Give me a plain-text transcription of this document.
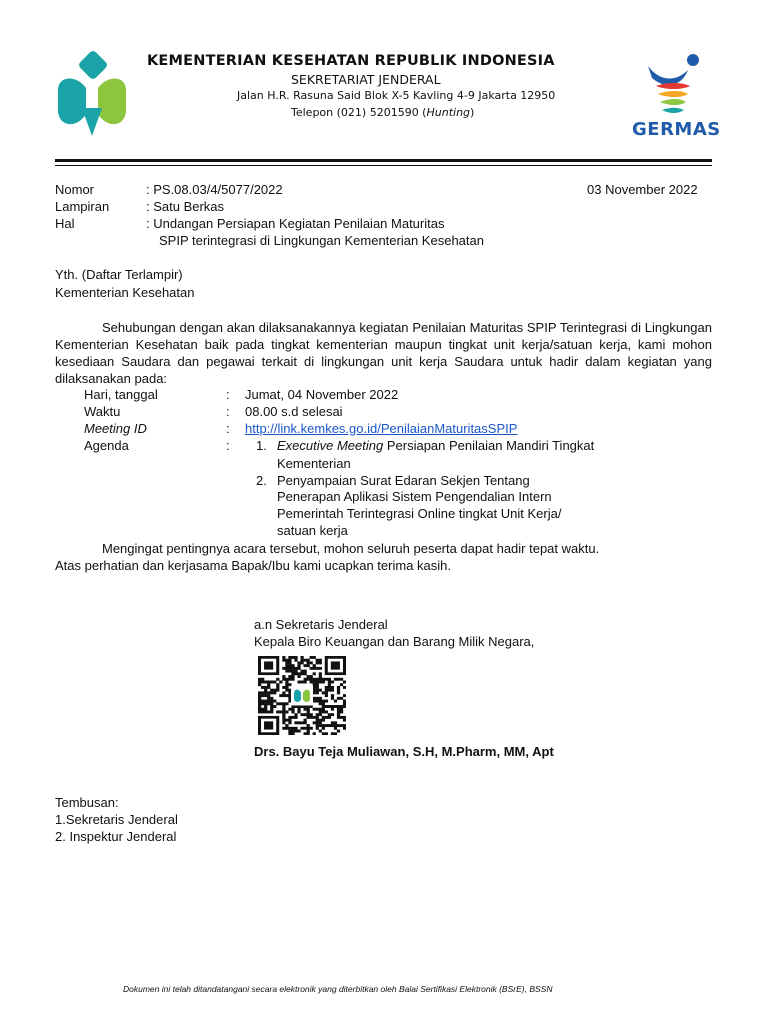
KEMENTERIAN KESEHATAN REPUBLIK INDONESIA
SEKRETARIAT JENDERAL
Jalan H.R. Rasuna Said Blok X-5 Kavling 4-9 Jakarta 12950
Telepon (021) 5201590 (Hunting)
GERMAS
Nomor	: PS.08.03/4/5077/2022	03 November 2022
Lampiran	: Satu Berkas
Hal	: Undangan Persiapan Kegiatan Penilaian Maturitas
SPIP terintegrasi di Lingkungan Kementerian Kesehatan
Yth. (Daftar Terlampir)
Kementerian Kesehatan
Sehubungan dengan akan dilaksanakannya kegiatan Penilaian Maturitas SPIP Terintegrasi di Lingkungan Kementerian Kesehatan baik pada tingkat kementerian maupun tingkat unit kerja/satuan kerja, kami mohon kesediaan Saudara dan pegawai terkait di lingkungan unit kerja Saudara untuk hadir dalam kegiatan yang dilaksanakan pada:
Hari, tanggal	: Jumat, 04 November 2022
Waktu	: 08.00 s.d selesai
Meeting ID	: http://link.kemkes.go.id/PenilaianMaturitasSPIP
Agenda	: 1. Executive Meeting Persiapan Penilaian Mandiri Tingkat
Kementerian
2. Penyampaian Surat Edaran Sekjen Tentang
Penerapan Aplikasi Sistem Pengendalian Intern
Pemerintah Terintegrasi Online tingkat Unit Kerja/
satuan kerja
Mengingat pentingnya acara tersebut, mohon seluruh peserta dapat hadir tepat waktu.
Atas perhatian dan kerjasama Bapak/Ibu kami ucapkan terima kasih.
a.n Sekretaris Jenderal
Kepala Biro Keuangan dan Barang Milik Negara,
Drs. Bayu Teja Muliawan, S.H, M.Pharm, MM, Apt
Tembusan:
1.Sekretaris Jenderal
2. Inspektur Jenderal
Dokumen ini telah ditandatangani secara elektronik yang diterbitkan oleh Balai Sertifikasi Elektronik (BSrE), BSSN
